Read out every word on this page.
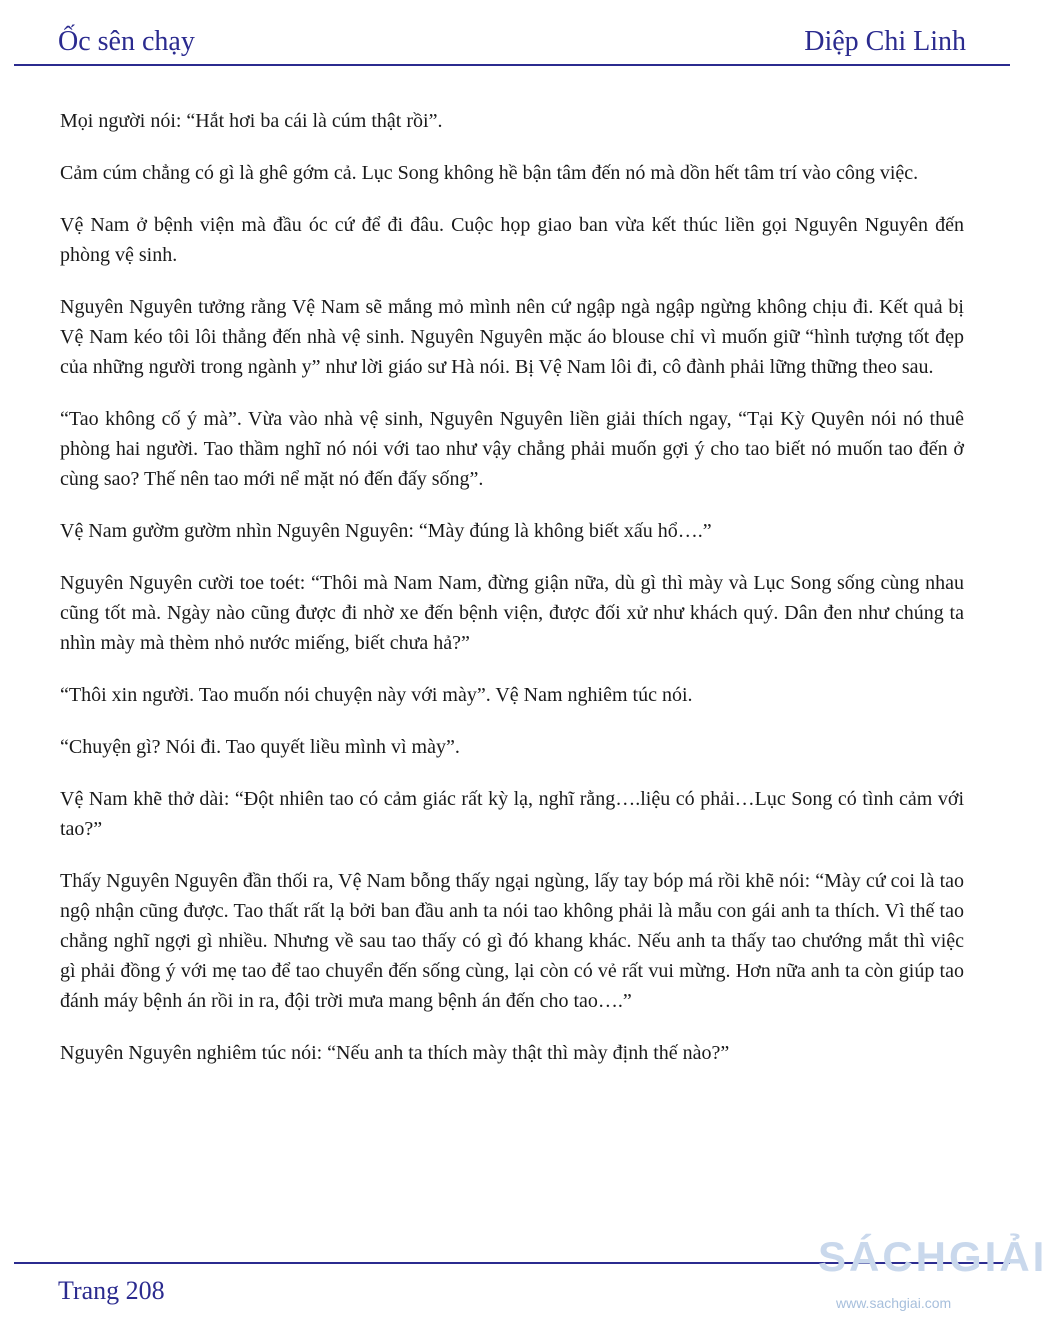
Ốc sên chạy	Diệp Chi Linh

Mọi người nói: “Hắt hơi ba cái là cúm thật rồi”.

Cảm cúm chẳng có gì là ghê gớm cả. Lục Song không hề bận tâm đến nó mà dồn hết tâm trí vào công việc.

Vệ Nam ở bệnh viện mà đầu óc cứ để đi đâu. Cuộc họp giao ban vừa kết thúc liền gọi Nguyên Nguyên đến phòng vệ sinh.

Nguyên Nguyên tưởng rằng Vệ Nam sẽ mắng mỏ mình nên cứ ngập ngà ngập ngừng không chịu đi. Kết quả bị Vệ Nam kéo tôi lôi thẳng đến nhà vệ sinh. Nguyên Nguyên mặc áo blouse chỉ vì muốn giữ “hình tượng tốt đẹp của những người trong ngành y” như lời giáo sư Hà nói. Bị Vệ Nam lôi đi, cô đành phải lững thững theo sau.

“Tao không cố ý mà”. Vừa vào nhà vệ sinh, Nguyên Nguyên liền giải thích ngay, “Tại Kỳ Quyên nói nó thuê phòng hai người. Tao thầm nghĩ nó nói với tao như vậy chẳng phải muốn gợi ý cho tao biết nó muốn tao đến ở cùng sao? Thế nên tao mới nể mặt nó đến đấy sống”.

Vệ Nam gườm gườm nhìn Nguyên Nguyên: “Mày đúng là không biết xấu hổ….”

Nguyên Nguyên cười toe toét: “Thôi mà Nam Nam, đừng giận nữa, dù gì thì mày và Lục Song sống cùng nhau cũng tốt mà. Ngày nào cũng được đi nhờ xe đến bệnh viện, được đối xử như khách quý. Dân đen như chúng ta nhìn mày mà thèm nhỏ nước miếng, biết chưa hả?”

“Thôi xin người. Tao muốn nói chuyện này với mày”. Vệ Nam nghiêm túc nói.

“Chuyện gì? Nói đi. Tao quyết liều mình vì mày”.

Vệ Nam khẽ thở dài: “Đột nhiên tao có cảm giác rất kỳ lạ, nghĩ rằng….liệu có phải…Lục Song có tình cảm với tao?”

Thấy Nguyên Nguyên đần thối ra, Vệ Nam bỗng thấy ngại ngùng, lấy tay bóp má rồi khẽ nói: “Mày cứ coi là tao ngộ nhận cũng được. Tao thất rất lạ bởi ban đầu anh ta nói tao không phải là mẫu con gái anh ta thích. Vì thế tao chẳng nghĩ ngợi gì nhiều. Nhưng về sau tao thấy có gì đó khang khác. Nếu anh ta thấy tao chướng mắt thì việc gì phải đồng ý với mẹ tao để tao chuyển đến sống cùng, lại còn có vẻ rất vui mừng. Hơn nữa anh ta còn giúp tao đánh máy bệnh án rồi in ra, đội trời mưa mang bệnh án đến cho tao….”

Nguyên Nguyên nghiêm túc nói: “Nếu anh ta thích mày thật thì mày định thế nào?”

Trang 208
SÁCHGIẢI
www.sachgiai.com
